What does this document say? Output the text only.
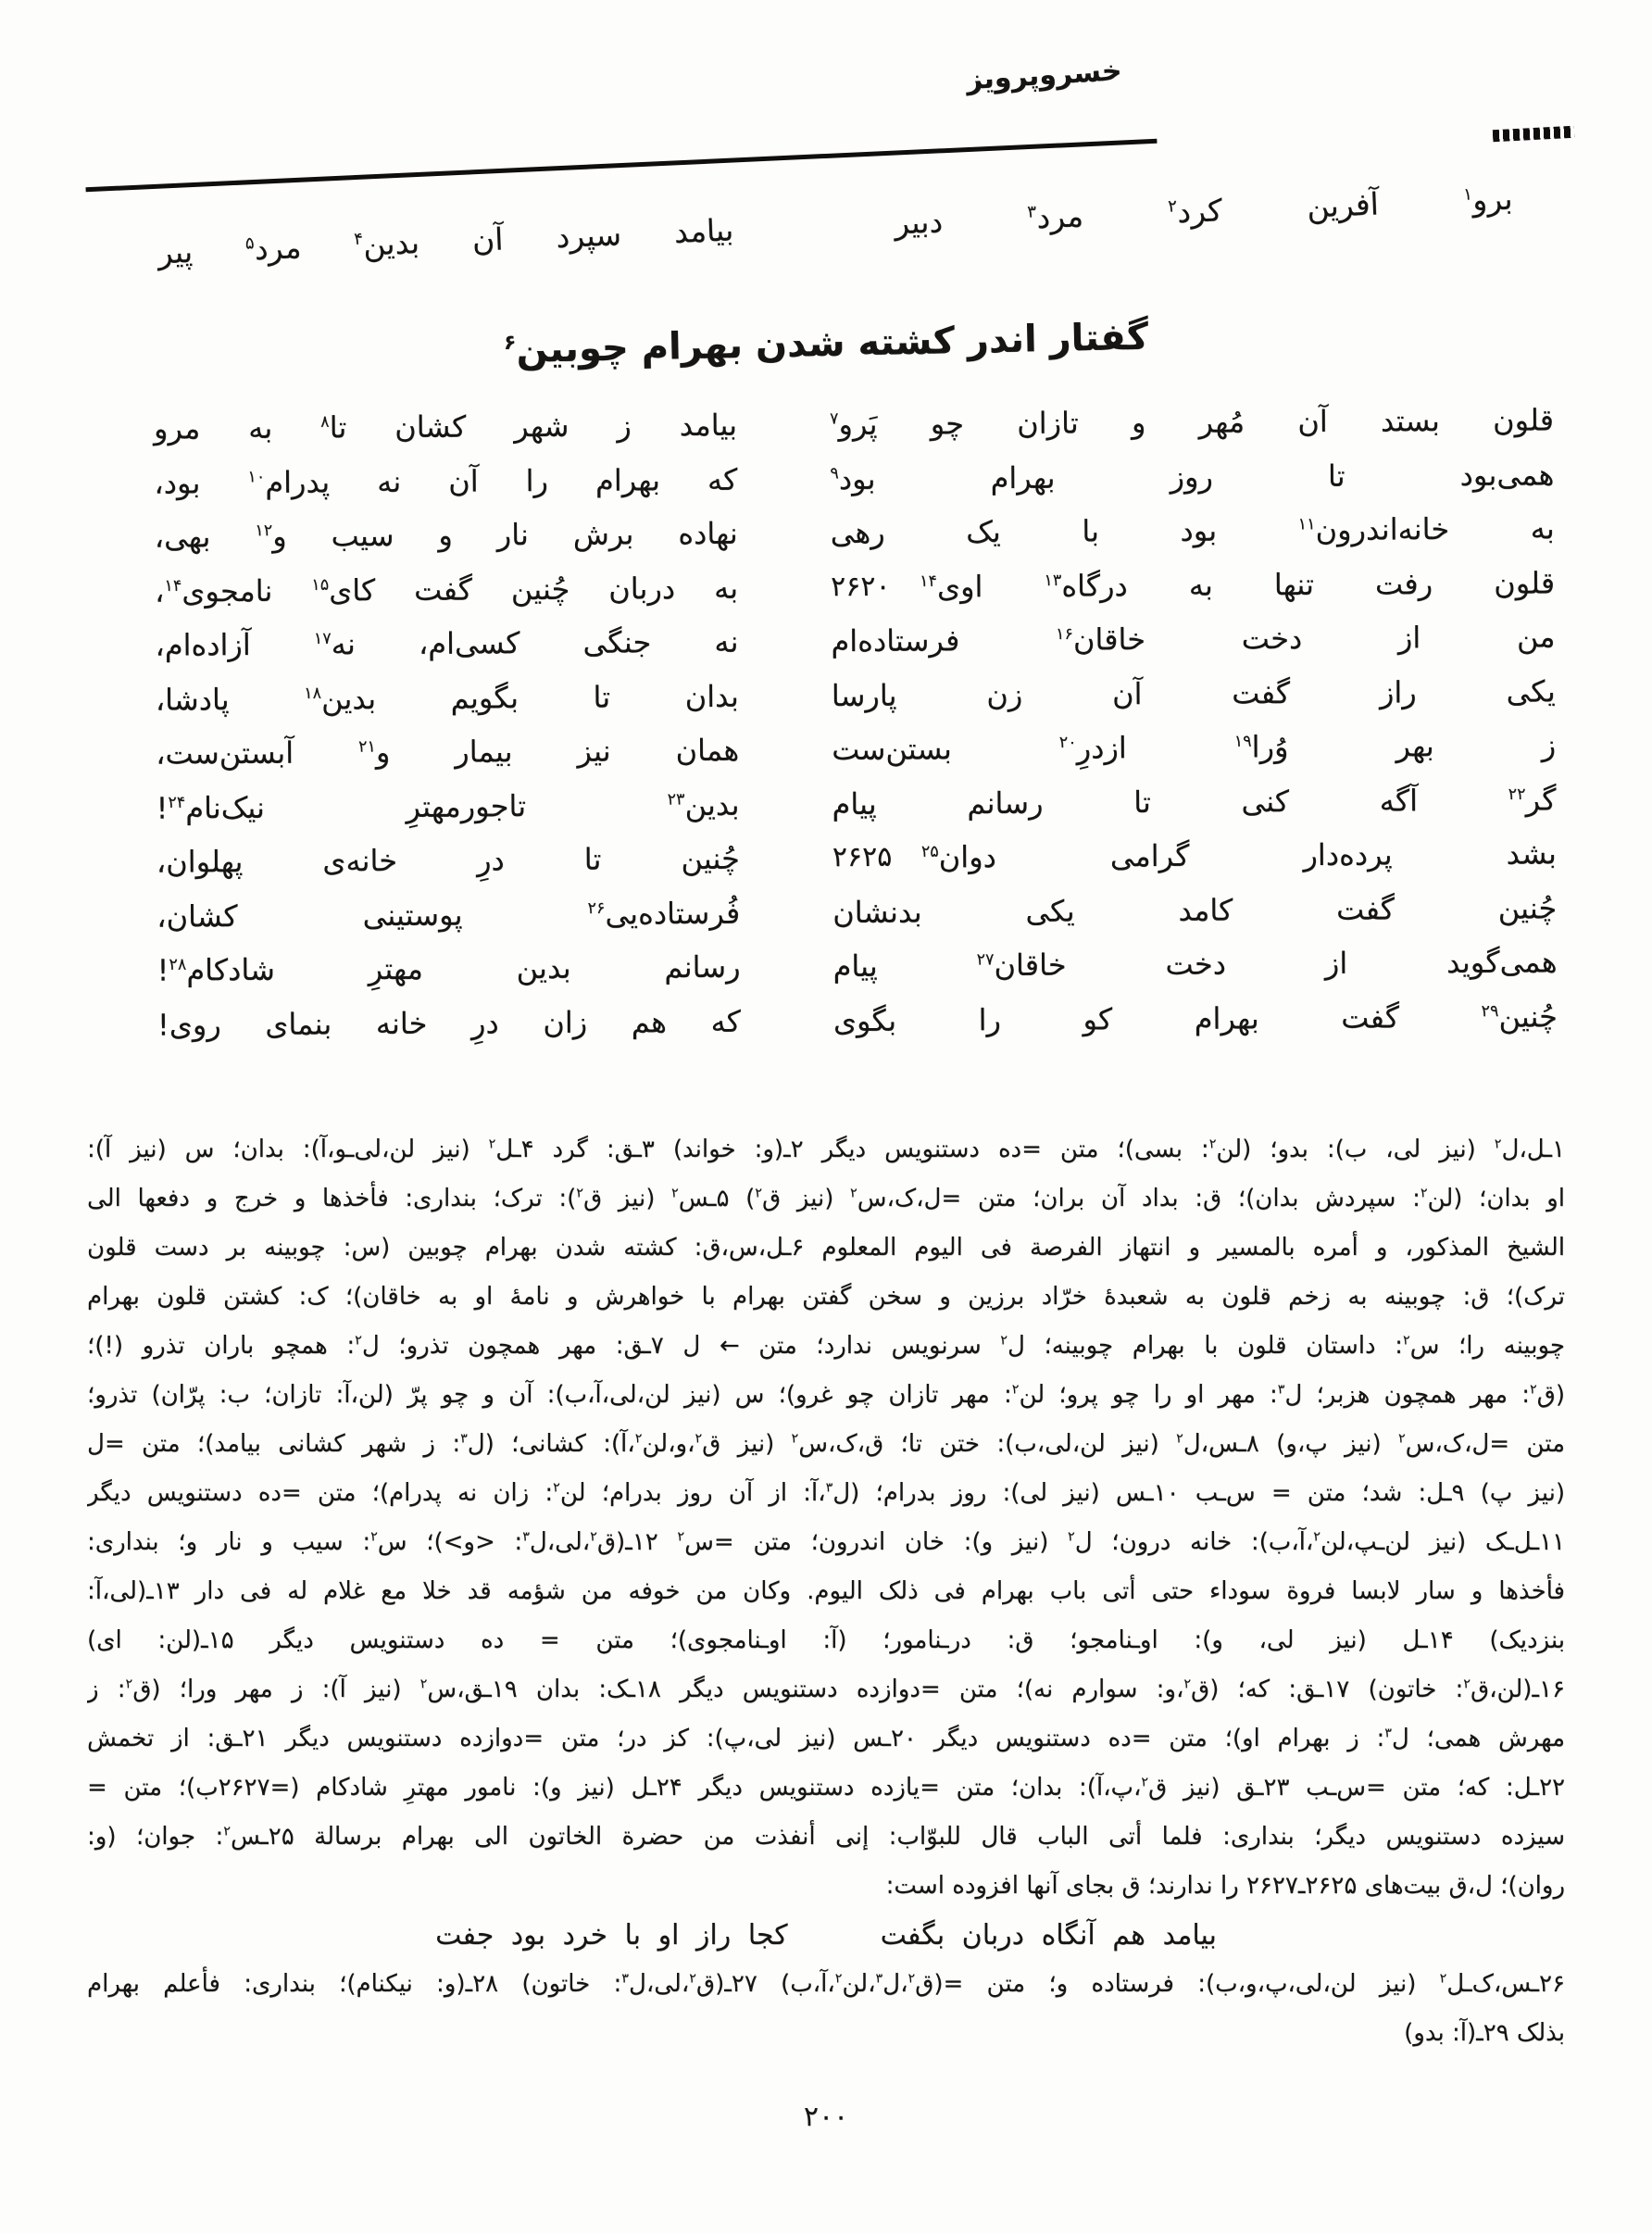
خسروپرویز
برو$^۱$ آفرین کرد$^۲$ مرد$^۳$ دبیر
بیامد سپرد آن بدین$^۴$ مرد$^۵$ پیر
گفتار اندر کشته شدن بهرام چوبین$^۶$
قلون بستد آن مُهر و تازان چو پَرو$^۷$
بیامد ز شهر کشان تا$^۸$ به مرو
همی‌بود تا روز بهرام بود$^۹$
که بهرام را آن نه پدرام$^{۱۰}$ بود،
به خانه‌اندرون$^{۱۱}$ بود با یک رهی
نهاده برش نار و سیب و$^{۱۲}$ بهی،
قلون رفت تنها به درگاه$^{۱۳}$ اوی$^{۱۴}$
۲۶۲۰
به دربان چُنین گفت کای$^{۱۵}$ نامجوی$^{۱۴}$،
من از دخت خاقان$^{۱۶}$ فرستاده‌ام
نه جنگی کسی‌ام، نه$^{۱۷}$ آزاده‌ام،
یکی راز گفت آن زن پارسا
بدان تا بگویم بدین$^{۱۸}$ پادشا،
ز بهر وُرا$^{۱۹}$ ازدرِ$^{۲۰}$ بستن‌ست
همان نیز بیمار و$^{۲۱}$ آبستن‌ست،
گر$^{۲۲}$ آگه کنی تا رسانم پیام
بدین$^{۲۳}$ تاجورمهترِ نیک‌نام$^{۲۴}$!
بشد پرده‌دار گرامی دوان$^{۲۵}$
۲۶۲۵
چُنین تا درِ خانه‌ی پهلوان،
چُنین گفت کامد یکی بدنشان
فُرستاده‌یی$^{۲۶}$ پوستینی کشان،
همی‌گوید از دخت خاقان$^{۲۷}$ پیام
رسانم بدین مهترِ شادکام$^{۲۸}$!
چُنین$^{۲۹}$ گفت بهرام کو را بگوی
که هم زان درِ خانه بنمای روی!
۱ـل،ل$^۲$ (نیز لی، ب): بدو؛ (لن$^۲$: بسی)؛ متن =ده دستنویس دیگر ۲ـ(و: خواند) ۳ـق: گرد ۴ـل$^۲$ (نیز لن،لی‌ـو،آ): بدان؛ س (نیز آ):
او بدان؛ (لن$^۲$: سپردش بدان)؛ ق: بداد آن بران؛ متن =ل،ک،س$^۲$ (نیز ق$^۲$) ۵ـس$^۲$ (نیز ق$^۲$): ترک؛ بنداری: فأخذها و خرج و دفعها الی
الشیخ المذکور، و أمره بالمسیر و انتهاز الفرصة فی الیوم المعلوم ۶ـل،س،ق: کشته شدن بهرام چوبین (س: چوبینه بر دست قلون
ترک)؛ ق: چوبینه به زخم قلون به شعبدهٔ خرّاد برزین و سخن گفتن بهرام با خواهرش و نامهٔ او به خاقان)؛ ک: کشتن قلون بهرام
چوبینه را؛ س$^۲$: داستان قلون با بهرام چوبینه؛ ل$^۲$ سرنویس ندارد؛ متن ← ل ۷ـق: مهر همچون تذرو؛ ل$^۲$: همچو باران تذرو (!)؛
(ق$^۲$: مهر همچون هزبر؛ ل$^۳$: مهر او را چو پرو؛ لن$^۲$: مهر تازان چو غرو)؛ س (نیز لن،لی،آ،ب): آن و چو پرّ (لن،آ: تازان؛ ب: پرّان) تذرو؛
متن =ل،ک،س$^۲$ (نیز پ،و) ۸ـس،ل$^۲$ (نیز لن،لی،ب): ختن تا؛ ق،ک،س$^۲$ (نیز ق$^۲$،و،لن$^۲$،آ): کشانی؛ (ل$^۳$: ز شهر کشانی بیامد)؛ متن =ل
(نیز پ) ۹ـل: شد؛ متن = س‌ـب ۱۰ـس (نیز لی): روز بدرام؛ (ل$^۳$،آ: از آن روز بدرام؛ لن$^۲$: زان نه پدرام)؛ متن =ده دستنویس دیگر
۱۱ـل‌ـک (نیز لن‌ـپ،لن$^۲$،آ،ب): خانه درون؛ ل$^۲$ (نیز و): خان اندرون؛ متن =س$^۲$ ۱۲ـ(ق$^۲$،لی،ل$^۳$: <و>)؛ س$^۲$: سیب و نار و؛ بنداری:
فأخذها و سار لابسا فروة سوداء حتی أتی باب بهرام فی ذلک الیوم. وکان من خوفه من شؤمه قد خلا مع غلام له فی دار ۱۳ـ(لی،آ:
بنزدیک) ۱۴ـل (نیز لی، و): اوـنامجو؛ ق: درـنامور؛ (آ: اوـنامجوی)؛ متن = ده دستنویس دیگر ۱۵ـ(لن: ای)
۱۶ـ(لن،ق$^۲$: خاتون) ۱۷ـق: که؛ (ق$^۲$،و: سوارم نه)؛ متن =دوازده دستنویس دیگر ۱۸ـک: بدان ۱۹ـق،س$^۲$ (نیز آ): ز مهر ورا؛ (ق$^۲$: ز
مهرش همی؛ ل$^۳$: ز بهرام او)؛ متن =ده دستنویس دیگر ۲۰ـس (نیز لی،پ): کز در؛ متن =دوازده دستنویس دیگر ۲۱ـق: از تخمش
۲۲ـل: که؛ متن =س‌ـب ۲۳ـق (نیز ق$^۲$،پ،آ): بدان؛ متن =یازده دستنویس دیگر ۲۴ـل (نیز و): نامور مهترِ شادکام (=۲۶۲۷ب)؛ متن =
سیزده دستنویس دیگر؛ بنداری: فلما أتی الباب قال للبوّاب: إنی أنفذت من حضرة الخاتون الی بهرام برسالة ۲۵ـس$^۲$: جوان؛ (و:
روان)؛ ل،ق بیت‌های ۲۶۲۵ـ۲۶۲۷ را ندارند؛ ق بجای آنها افزوده است:
بیامد هم آنگاه دربان بگفت
کجا راز او با خرد بود جفت
۲۶ـس،ک‌ـل$^۲$ (نیز لن،لی،پ،و،ب): فرستاده و؛ متن =(ق$^۲$،ل$^۳$،لن$^۲$،آ،ب) ۲۷ـ(ق$^۲$،لی،ل$^۳$: خاتون) ۲۸ـ(و: نیکنام)؛ بنداری: فأعلم بهرام
بذلک ۲۹ـ(آ: بدو)
۲۰۰
